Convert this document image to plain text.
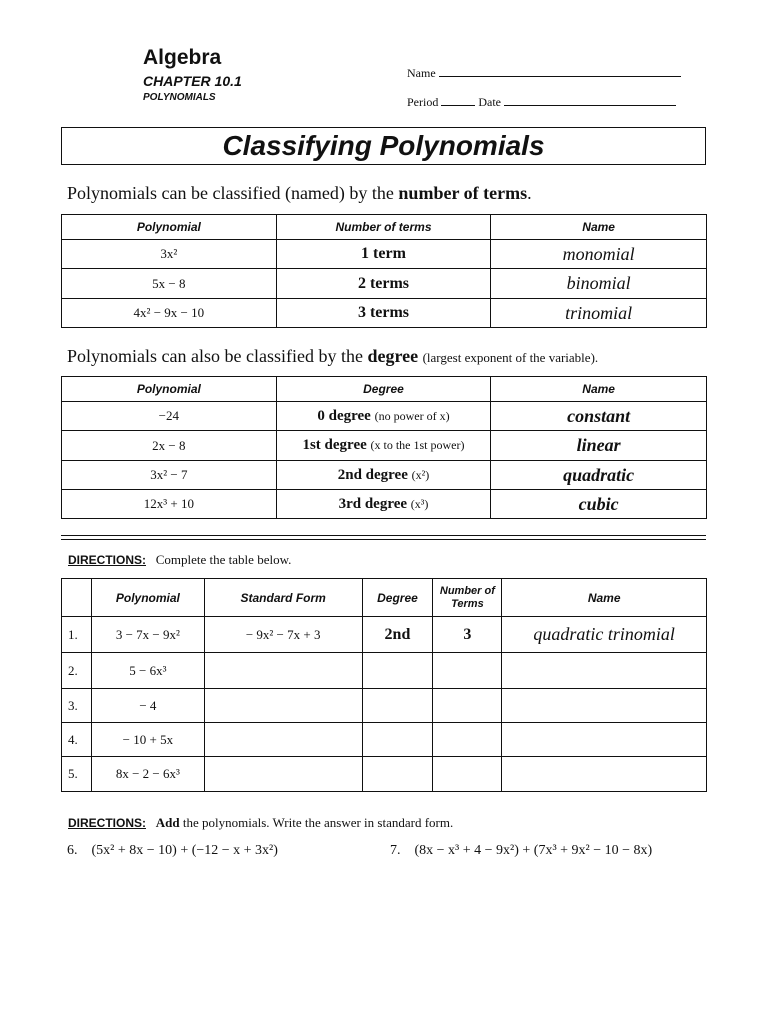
Algebra
CHAPTER 10.1
POLYNOMIALS
Name
Period	Date
Classifying Polynomials
Polynomials can be classified (named) by the number of terms.
Polynomial	Number of terms	Name
3x²	1 term	monomial
5x − 8	2 terms	binomial
4x² − 9x − 10	3 terms	trinomial
Polynomials can also be classified by the degree (largest exponent of the variable).
Polynomial	Degree	Name
−24	0 degree (no power of x)	constant
2x − 8	1st degree (x to the 1st power)	linear
3x² − 7	2nd degree (x²)	quadratic
12x³ + 10	3rd degree (x³)	cubic
DIRECTIONS: Complete the table below.
	Polynomial	Standard Form	Degree	Number of Terms	Name
1.	3 − 7x − 9x²	− 9x² − 7x + 3	2nd	3	quadratic trinomial
2.	5 − 6x³				
3.	− 4				
4.	− 10 + 5x				
5.	8x − 2 − 6x³				
DIRECTIONS: Add the polynomials. Write the answer in standard form.
6. (5x² + 8x − 10) + (−12 − x + 3x²)	7. (8x − x³ + 4 − 9x²) + (7x³ + 9x² − 10 − 8x)
